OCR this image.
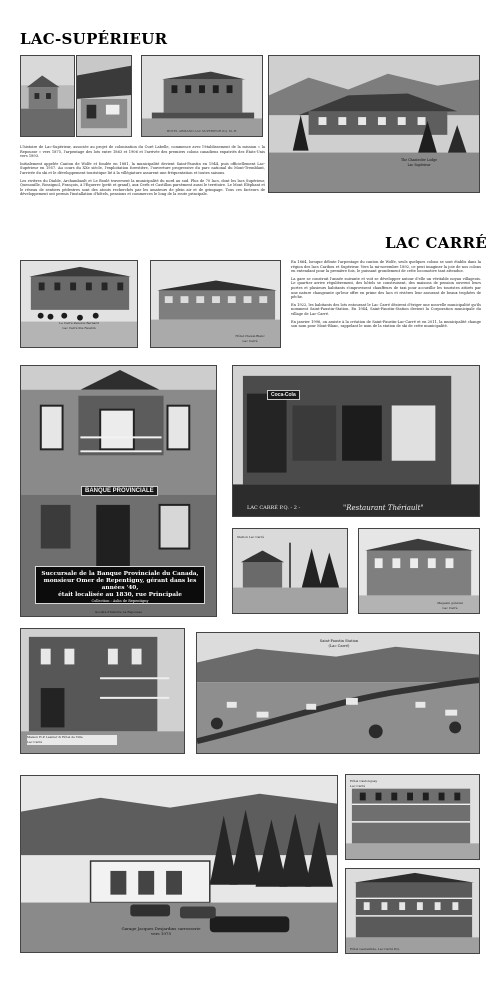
LAC-SUPÉRIEUR
HOTEL ARMAND LAC SUPERIEUR P.Q. M.-H.
The Chantecler Lodge
Lac Supérieur

L'histoire de Lac-Supérieur, associée au projet de colonisation du Curé Labelle, commence avec l'établissement de la mission « la Repousse » vers 1875, l'arpentage des lots entre 1863 et 1906 et l'arrivée des premiers colons canadiens expatriés des États-Unis vers 1893.

Initialement appelée Canton de Wolfe et fondée en 1881, la municipalité devient Saint-Faustin en 1944, puis officiellement Lac-Supérieur en 1957. Au cours du XXe siècle, l'exploitation forestière, l'ouverture progressive du parc national du Mont-Tremblant, l'arrivée du ski et le développement touristique lié à la villégiature assurent une fréquentation et toutes saisons.

Les rivières du Diable, Archambault et Le Boulé traversent la municipalité du nord au sud. Plus de 70 lacs, dont les lacs Supérieur, Quenouille, Rossignol, François, à l'Équerre (petit et grand), aux Cerfs et Castillon parsèment aussi le territoire. Le Mont Éléphant et le réseau de sentiers pédestres sont des atouts recherchés par les amateurs de plein air et de grimpage. Tous ces facteurs de développement ont permis l'installation d'hôtels, pensions et commerces le long de la route principale.

LAC CARRÉ
Le Carré Pension Bernard
Lac Carré Ste Faustin
Hôtel Cheval-Blanc
Lac Carré

En 1864, lorsque débute l'arpentage du canton de Wolfe, seuls quelques colons se sont établis dans la région des lacs Caribou et Supérieur. Vers la mi-novembre 1892, ce peut imaginer la joie de nos colons en entendant pour la première fois, le puissant grondement de cette locomotive tant attendue.

La gare se construit l'année suivante et voit se développer autour d'elle un véritable noyau villageois. Le quartier arrive régulièrement, des hôtels se construisent, des maisons de pension ouvrent leurs portes et plusieurs habitants s'improvisent chauffeurs de taxi pour accueillir les touristes attirés par une nature changeante qu'leur offre en prime des lacs et rivières leur assurant de beaux trophées de pêche.

En 1922, les habitants des lots entourant le Lac Carré désirent d'ériger une nouvelle municipalité qu'ils nomment Saint-Faustin-Station. En 1944, Saint-Faustin-Station devient la Corporation municipale du village de Lac-Carré.

En janvier 1996, on assiste à la création de Saint-Faustin-Lac-Carré et en 2011, la municipalité change son nom pour Mont-Blanc, rappelant le nom de la station de ski de cette municipalité.

BANQUE PROVINCIALE
Succursale de la Banque Provinciale du Canada,
monsieur Omer de Repentigny, gérant dans les années '40,
était localisée au 1830, rue Principale
Collection : Aslin de Repentigny
Société d'histoire La Repousse
Coca-Cola
LAC CARRÉ P.Q. - 2 -	"Restaurant Thériault"
Station Lac Carré
Magasin général
Lac Carré
Maison H.P. Lasnier & Hôtel de Ville
Lac Carré
Saint-Faustin Station
(Lac Carré)
Garage Jacques Desjardins carrosserie
vers 1975
Hôtel Castonguay
Lac Carré
Hôtel Laurentide, Lac Carré P.Q.
